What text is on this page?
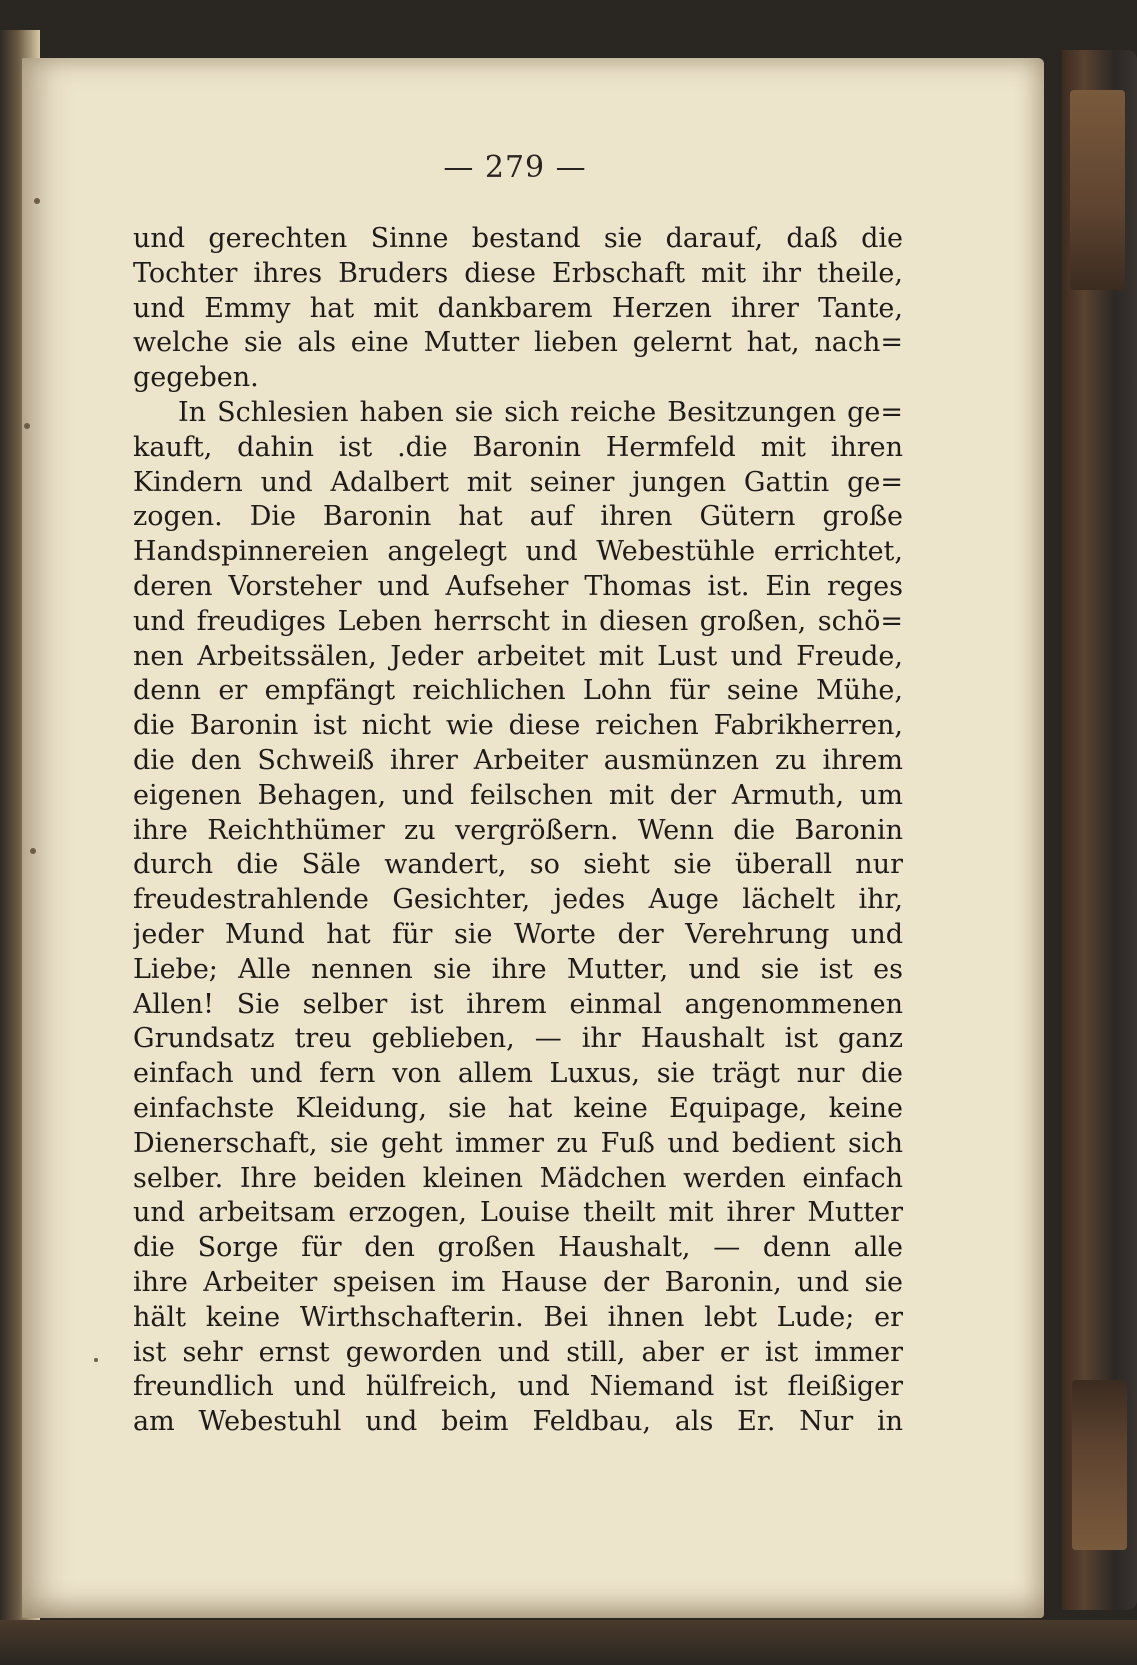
— 279 —
und gerechten Sinne bestand sie darauf, daß die
Tochter ihres Bruders diese Erbschaft mit ihr theile,
und Emmy hat mit dankbarem Herzen ihrer Tante,
welche sie als eine Mutter lieben gelernt hat, nach=
gegeben.
In Schlesien haben sie sich reiche Besitzungen ge=
kauft, dahin ist .die Baronin Hermfeld mit ihren
Kindern und Adalbert mit seiner jungen Gattin ge=
zogen. Die Baronin hat auf ihren Gütern große
Handspinnereien angelegt und Webestühle errichtet,
deren Vorsteher und Aufseher Thomas ist. Ein reges
und freudiges Leben herrscht in diesen großen, schö=
nen Arbeitssälen, Jeder arbeitet mit Lust und Freude,
denn er empfängt reichlichen Lohn für seine Mühe,
die Baronin ist nicht wie diese reichen Fabrikherren,
die den Schweiß ihrer Arbeiter ausmünzen zu ihrem
eigenen Behagen, und feilschen mit der Armuth, um
ihre Reichthümer zu vergrößern. Wenn die Baronin
durch die Säle wandert, so sieht sie überall nur
freudestrahlende Gesichter, jedes Auge lächelt ihr,
jeder Mund hat für sie Worte der Verehrung und
Liebe; Alle nennen sie ihre Mutter, und sie ist es
Allen! Sie selber ist ihrem einmal angenommenen
Grundsatz treu geblieben, — ihr Haushalt ist ganz
einfach und fern von allem Luxus, sie trägt nur die
einfachste Kleidung, sie hat keine Equipage, keine
Dienerschaft, sie geht immer zu Fuß und bedient sich
selber. Ihre beiden kleinen Mädchen werden einfach
und arbeitsam erzogen, Louise theilt mit ihrer Mutter
die Sorge für den großen Haushalt, — denn alle
ihre Arbeiter speisen im Hause der Baronin, und sie
hält keine Wirthschafterin. Bei ihnen lebt Lude; er
ist sehr ernst geworden und still, aber er ist immer
freundlich und hülfreich, und Niemand ist fleißiger
am Webestuhl und beim Feldbau, als Er. Nur in
